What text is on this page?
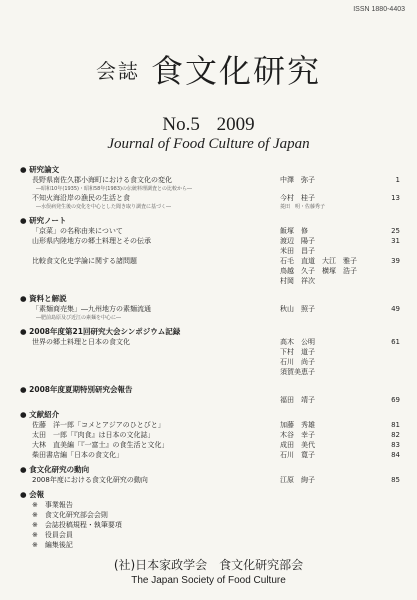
ISSN 1880-4403
会誌 食文化研究
No.5 2009
Journal of Food Culture of Japan
● 研究論文
長野県南佐久郡小海町における食文化の変化	中澤　弥子	1
―昭和10年(1935)・昭和58年(1983)の伝統料理調査との比較から―
不知火海沿岸の漁民の生活と食	今村　桂子	13
―水俣病発生後の変化を中心とした聞き取り調査に基づく―	菱田　明・佐藤秀子
● 研究ノート
「京菜」の名称由来について	飯塚　修	25
山形県内陸地方の郷土料理とその伝承	渡辺　陽子	31
米田　昌子
比較食文化史学論に関する諸問題	石毛　直道　大江　雅子	39
鳥越　久子　横塚　浩子
村岡　祥次
● 資料と解説
「素麺商売集」―九州地方の素麺流通	秋山　照子	49
―肥前島原及び近江の素麺を中心に―
● 2008年度第21回研究大会シンポジウム記録
世界の郷土料理と日本の食文化	高木　公明	61
下村　道子
石川　尚子
須賀美恵子
● 2008年度夏期特別研究会報告
福田　靖子	69
● 文献紹介
佐藤　洋一郎「コメとアジアのひとびと」	加藤　秀雄	81
太田　一郎「『肉食』は日本の文化誌」	木谷　幸子	82
大林　直美編「『一富士』の食生活と文化」	成田　美代	83
柴田書店編「日本の食文化」	石川　寛子	84
● 食文化研究の動向
2008年度における食文化研究の動向	江原　絢子	85
● 会報
※　事業報告
※　食文化研究部会会則
※　会誌投稿規程・執筆要項
※　役員会員
※　編集後記
(社)日本家政学会　食文化研究部会
The Japan Society of Food Culture
